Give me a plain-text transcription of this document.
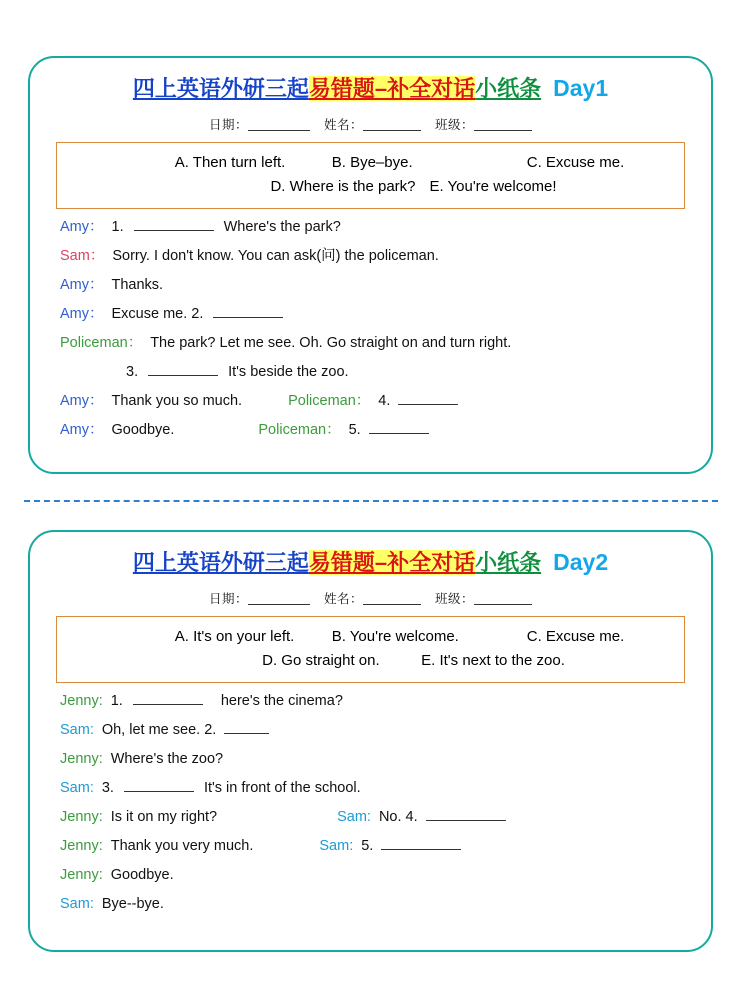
四上英语外研三起易错题–补全对话小纸条 Day1
日期：	姓名：	班级：
A. Then turn left.	B. Bye–bye.	C. Excuse me.
D. Where is the park? E. You're welcome!
Amy： 1.	Where's the park?
Sam： Sorry. I don't know. You can ask(问) the policeman.
Amy： Thanks.
Amy： Excuse me. 2.
Policeman： The park? Let me see. Oh. Go straight on and turn right.
3.	It's beside the zoo.
Amy： Thank you so much.	Policeman： 4.
Amy： Goodbye.	Policeman： 5.
四上英语外研三起易错题–补全对话小纸条 Day2
日期：	姓名：	班级：
A. It's on your left.	B. You're welcome.	C. Excuse me.
D. Go straight on.	E. It's next to the zoo.
Jenny: 1.	here's the cinema?
Sam: Oh, let me see. 2.
Jenny: Where's the zoo?
Sam: 3.	It's in front of the school.
Jenny: Is it on my right?	Sam: No. 4.
Jenny: Thank you very much.	Sam: 5.
Jenny: Goodbye.
Sam: Bye--bye.
